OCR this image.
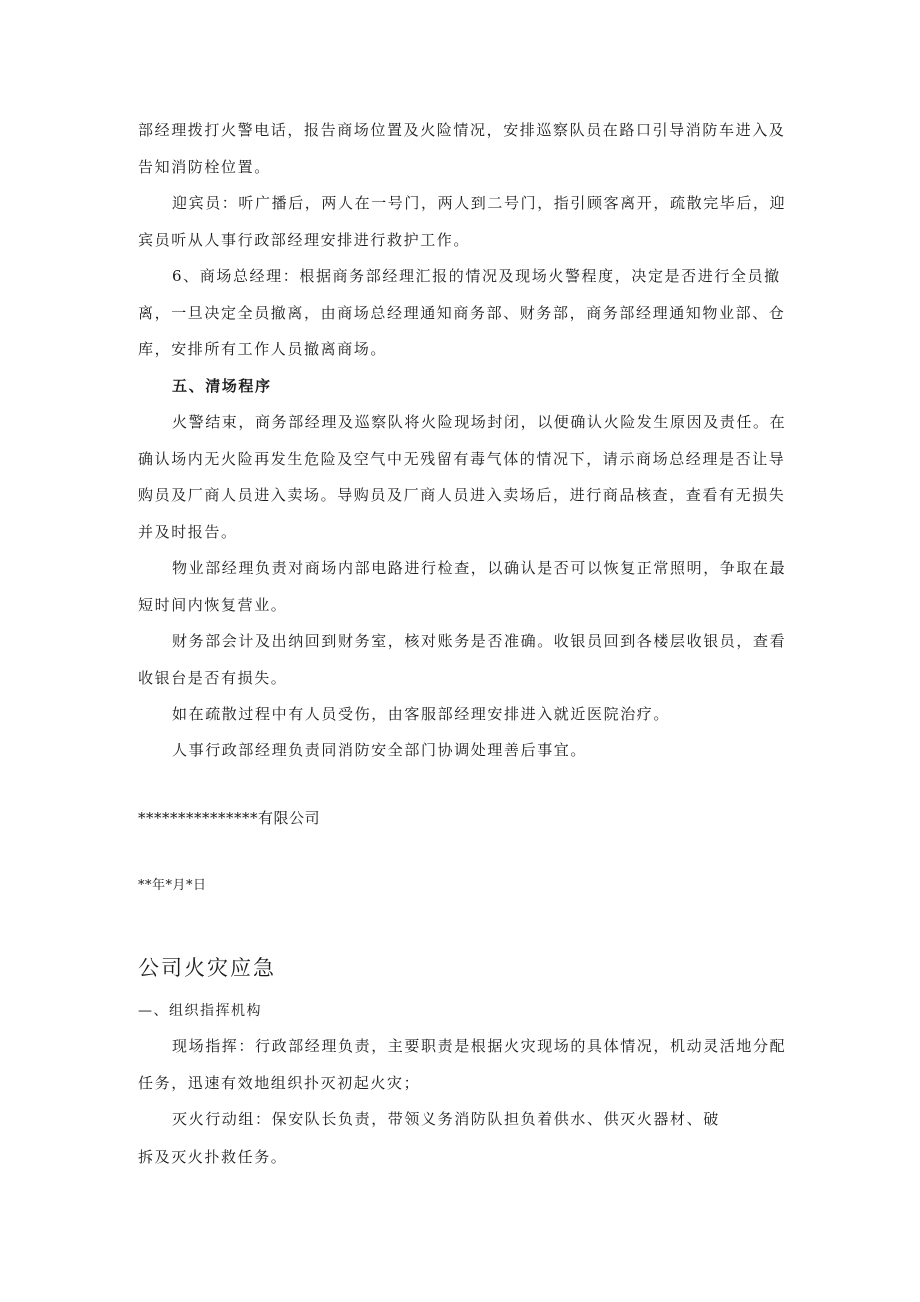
部经理拨打火警电话，报告商场位置及火险情况，安排巡察队员在路口引导消防车进入及告知消防栓位置。

迎宾员：听广播后，两人在一号门，两人到二号门，指引顾客离开，疏散完毕后，迎宾员听从人事行政部经理安排进行救护工作。

6、商场总经理：根据商务部经理汇报的情况及现场火警程度，决定是否进行全员撤离，一旦决定全员撤离，由商场总经理通知商务部、财务部，商务部经理通知物业部、仓库，安排所有工作人员撤离商场。

五、清场程序

火警结束，商务部经理及巡察队将火险现场封闭，以便确认火险发生原因及责任。在确认场内无火险再发生危险及空气中无残留有毒气体的情况下，请示商场总经理是否让导购员及厂商人员进入卖场。导购员及厂商人员进入卖场后，进行商品核查，查看有无损失并及时报告。

物业部经理负责对商场内部电路进行检查，以确认是否可以恢复正常照明，争取在最短时间内恢复营业。

财务部会计及出纳回到财务室，核对账务是否准确。收银员回到各楼层收银员，查看收银台是否有损失。

如在疏散过程中有人员受伤，由客服部经理安排进入就近医院治疗。

人事行政部经理负责同消防安全部门协调处理善后事宜。

***************有限公司

**年*月*日

公司火灾应急

—、组织指挥机构

现场指挥：行政部经理负责，主要职责是根据火灾现场的具体情况，机动灵活地分配任务，迅速有效地组织扑灭初起火灾；

灭火行动组：保安队长负责，带领义务消防队担负着供水、供灭火器材、破

拆及灭火扑救任务。
